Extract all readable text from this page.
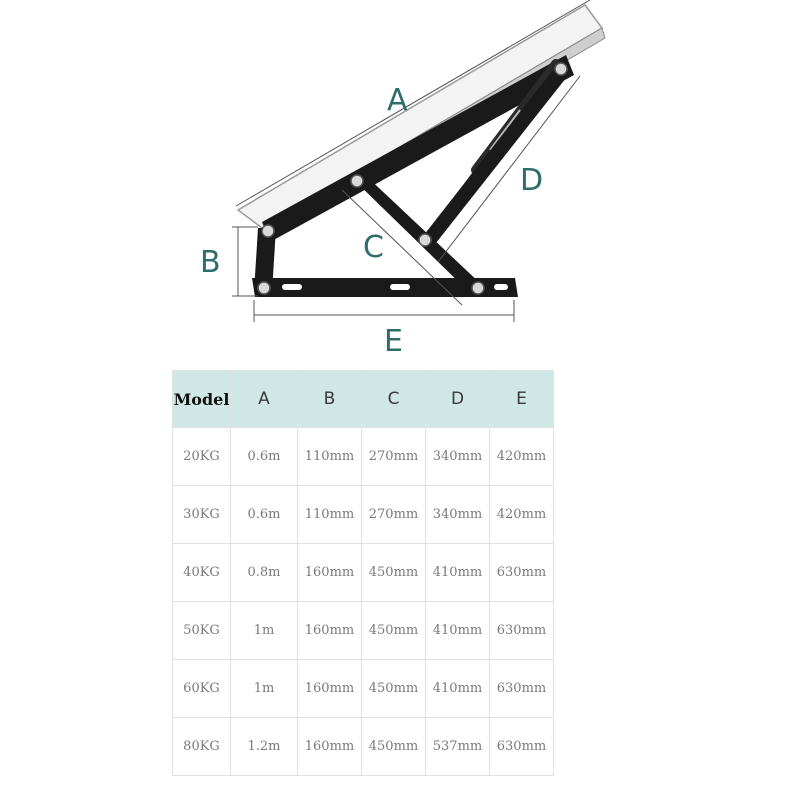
A
B	C
D
E
Model	A	B	C	D	E
20KG	0.6m	110mm	270mm	340mm	420mm
30KG	0.6m	110mm	270mm	340mm	420mm
40KG	0.8m	160mm	450mm	410mm	630mm
50KG	1m	160mm	450mm	410mm	630mm
60KG	1m	160mm	450mm	410mm	630mm
80KG	1.2m	160mm	450mm	537mm	630mm
